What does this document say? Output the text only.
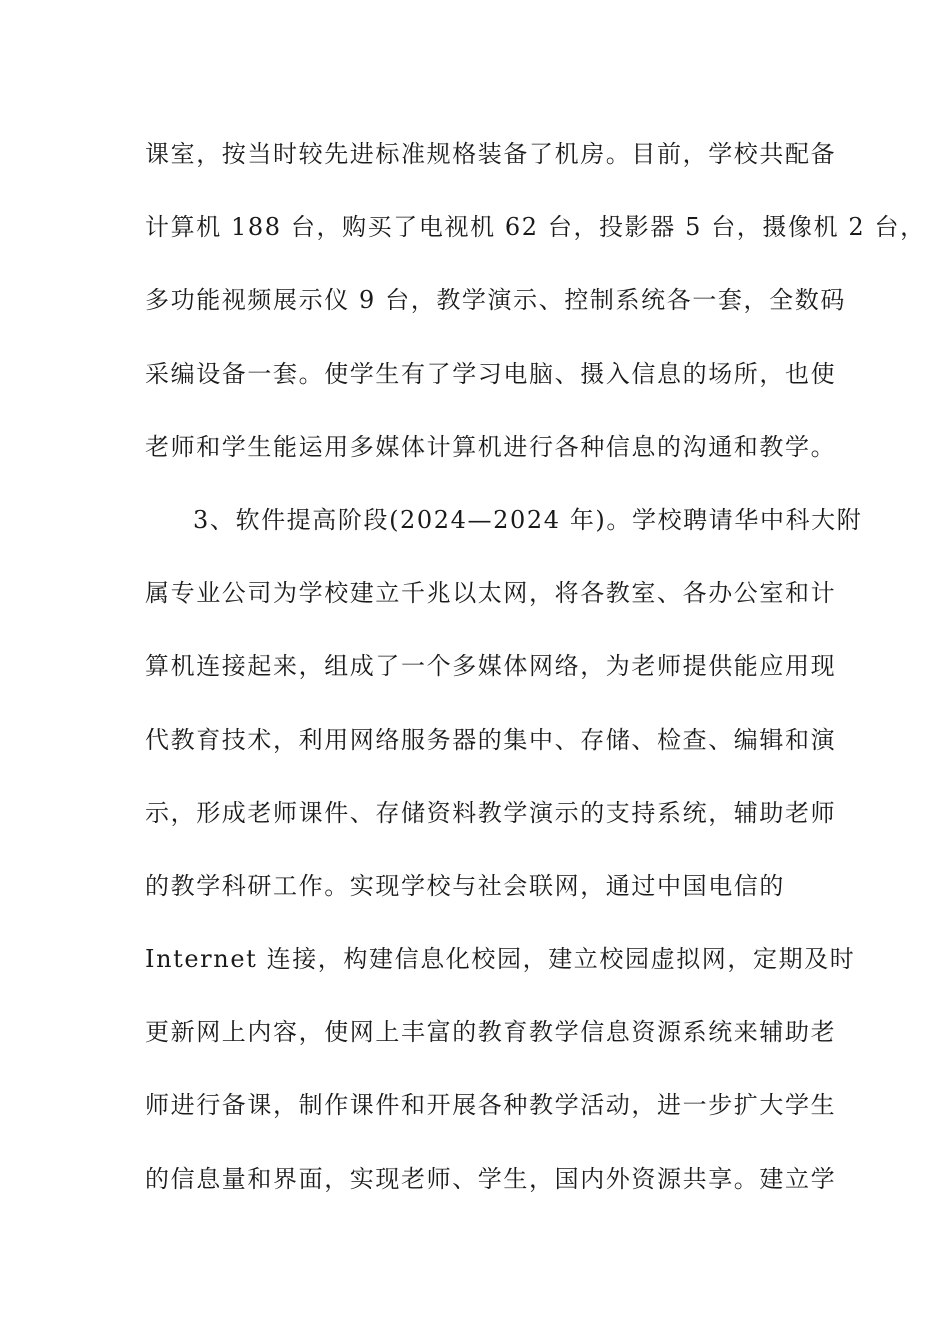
课室，按当时较先进标准规格装备了机房。目前，学校共配备
计算机 188 台，购买了电视机 62 台，投影器 5 台，摄像机 2 台，
多功能视频展示仪 9 台，教学演示、控制系统各一套，全数码
采编设备一套。使学生有了学习电脑、摄入信息的场所，也使
老师和学生能运用多媒体计算机进行各种信息的沟通和教学。
3、软件提高阶段(2024—2024 年)。学校聘请华中科大附
属专业公司为学校建立千兆以太网，将各教室、各办公室和计
算机连接起来，组成了一个多媒体网络，为老师提供能应用现
代教育技术，利用网络服务器的集中、存储、检查、编辑和演
示，形成老师课件、存储资料教学演示的支持系统，辅助老师
的教学科研工作。实现学校与社会联网，通过中国电信的
Internet 连接，构建信息化校园，建立校园虚拟网，定期及时
更新网上内容，使网上丰富的教育教学信息资源系统来辅助老
师进行备课，制作课件和开展各种教学活动，进一步扩大学生
的信息量和界面，实现老师、学生，国内外资源共享。建立学
